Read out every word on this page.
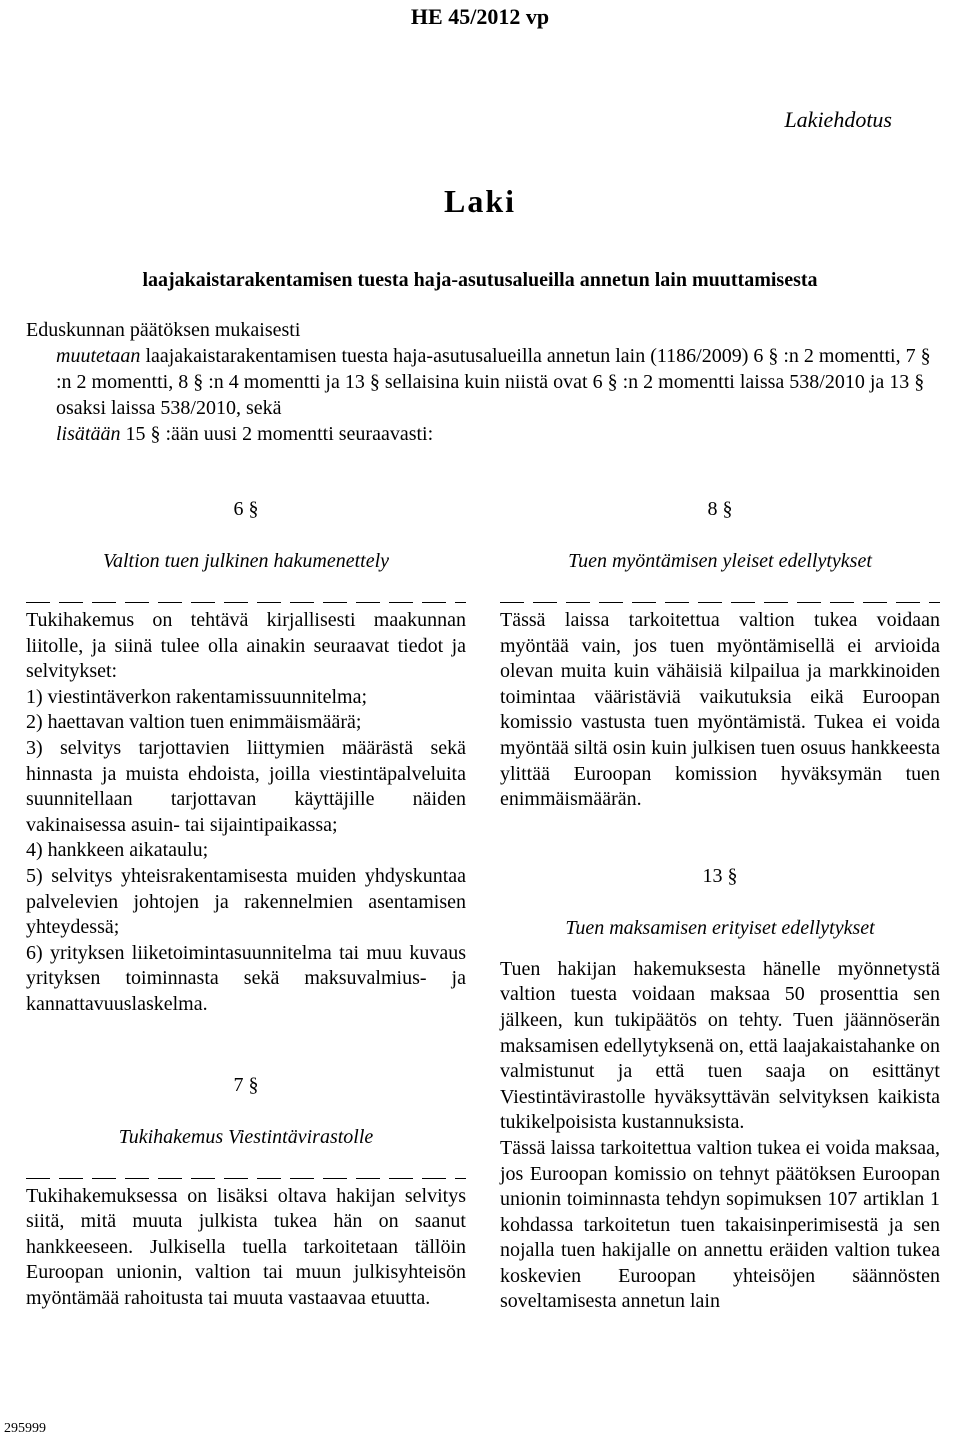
HE 45/2012 vp
Lakiehdotus
Laki
laajakaistarakentamisen tuesta haja-asutusalueilla annetun lain muuttamisesta
Eduskunnan päätöksen mukaisesti
muutetaan laajakaistarakentamisen tuesta haja-asutusalueilla annetun lain (1186/2009) 6 § :n 2 momentti, 7 § :n 2 momentti, 8 § :n 4 momentti ja 13 § sellaisina kuin niistä ovat 6 § :n 2 momentti laissa 538/2010 ja 13 § osaksi laissa 538/2010, sekä
lisätään 15 § :ään uusi 2 momentti seuraavasti:
6 §
Valtion tuen julkinen hakumenettely

Tukihakemus on tehtävä kirjallisesti maakunnan liitolle, ja siinä tulee olla ainakin seuraavat tiedot ja selvitykset:

1) viestintäverkon rakentamissuunnitelma;

2) haettavan valtion tuen enimmäismäärä;

3) selvitys tarjottavien liittymien määrästä sekä hinnasta ja muista ehdoista, joilla viestintäpalveluita suunnitellaan tarjottavan käyttäjille näiden vakinaisessa asuin- tai sijaintipaikassa;

4) hankkeen aikataulu;

5) selvitys yhteisrakentamisesta muiden yhdyskuntaa palvelevien johtojen ja rakennelmien asentamisen yhteydessä;

6) yrityksen liiketoimintasuunnitelma tai muu kuvaus yrityksen toiminnasta sekä maksuvalmius- ja kannattavuuslaskelma.

7 §
Tukihakemus Viestintävirastolle

Tukihakemuksessa on lisäksi oltava hakijan selvitys siitä, mitä muuta julkista tukea hän on saanut hankkeeseen. Julkisella tuella tarkoitetaan tällöin Euroopan unionin, valtion tai muun julkisyhteisön myöntämää rahoitusta tai muuta vastaavaa etuutta.

8 §
Tuen myöntämisen yleiset edellytykset

Tässä laissa tarkoitettua valtion tukea voidaan myöntää vain, jos tuen myöntämisellä ei arvioida olevan muita kuin vähäisiä kilpailua ja markkinoiden toimintaa vääristäviä vaikutuksia eikä Euroopan komissio vastusta tuen myöntämistä. Tukea ei voida myöntää siltä osin kuin julkisen tuen osuus hankkeesta ylittää Euroopan komission hyväksymän tuen enimmäismäärän.

13 §
Tuen maksamisen erityiset edellytykset

Tuen hakijan hakemuksesta hänelle myönnetystä valtion tuesta voidaan maksaa 50 prosenttia sen jälkeen, kun tukipäätös on tehty. Tuen jäännöserän maksamisen edellytyksenä on, että laajakaistahanke on valmistunut ja että tuen saaja on esittänyt Viestintävirastolle hyväksyttävän selvityksen kaikista tukikelpoisista kustannuksista.

Tässä laissa tarkoitettua valtion tukea ei voida maksaa, jos Euroopan komissio on tehnyt päätöksen Euroopan unionin toiminnasta tehdyn sopimuksen 107 artiklan 1 kohdassa tarkoitetun tuen takaisinperimisestä ja sen nojalla tuen hakijalle on annettu eräiden valtion tukea koskevien Euroopan yhteisöjen säännösten soveltamisesta annetun lain

295999
